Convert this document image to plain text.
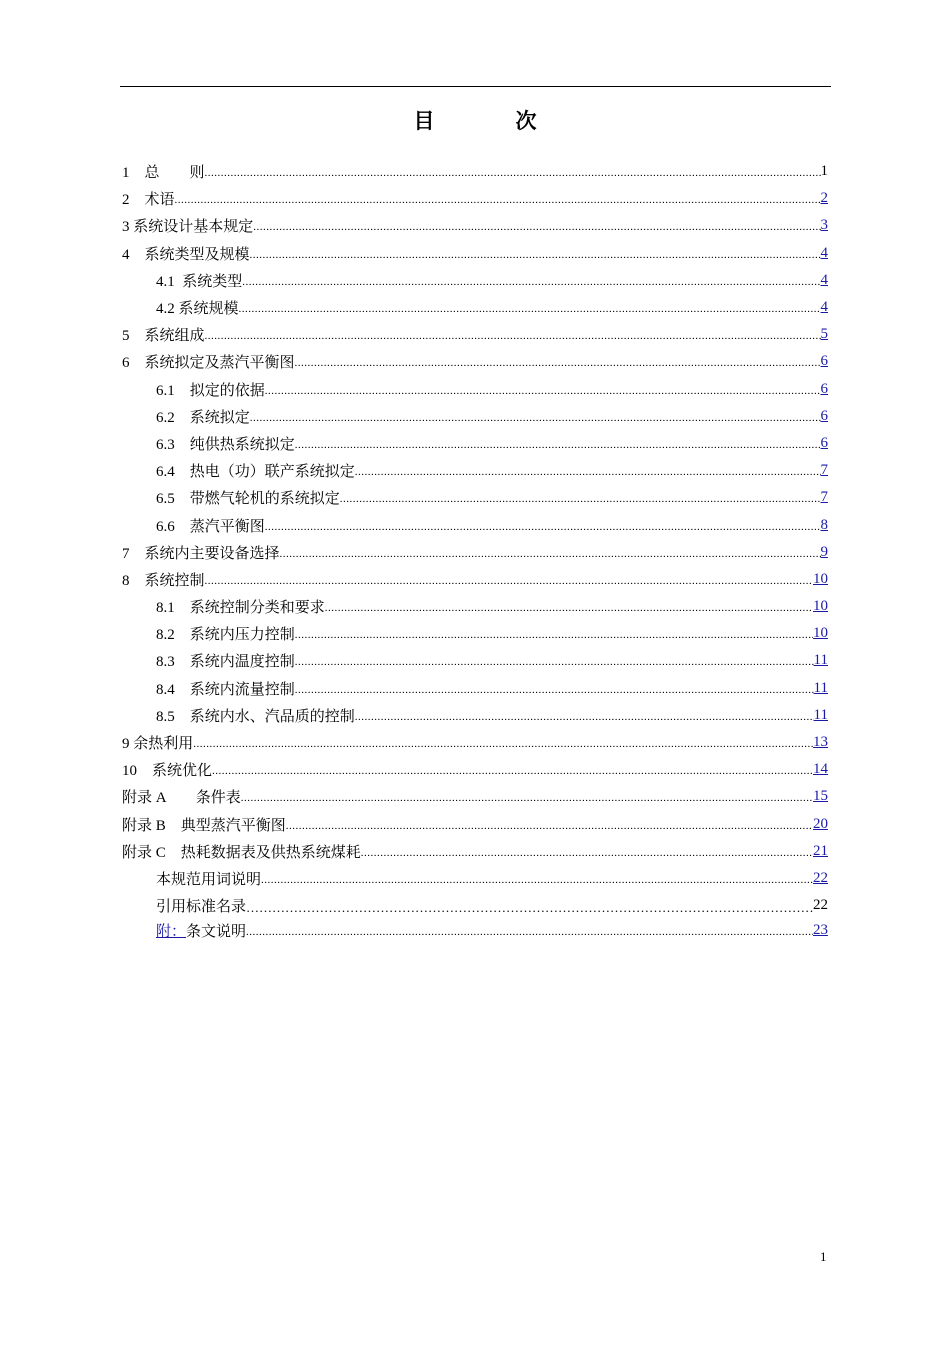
目　次
1　总　　则 .....	1
2　术语 .....	2
3 系统设计基本规定 .....	3
4　系统类型及规模 .....	4
4.1  系统类型 .....	4
4.2 系统规模 .....	4
5　系统组成 .....	5
6　系统拟定及蒸汽平衡图 .....	6
6.1　拟定的依据 .....	6
6.2　系统拟定 .....	6
6.3　纯供热系统拟定 .....	6
6.4　热电（功）联产系统拟定 .....	7
6.5　带燃气轮机的系统拟定 .....	7
6.6　蒸汽平衡图 .....	8
7　系统内主要设备选择 .....	9
8　系统控制 .....	10
8.1　系统控制分类和要求 .....	10
8.2　系统内压力控制 .....	10
8.3　系统内温度控制 .....	11
8.4　系统内流量控制 .....	11
8.5　系统内水、汽品质的控制 .....	11
9 余热利用 .....	13
10　系统优化 .....	14
附录 A　　条件表 .....	15
附录 B　典型蒸汽平衡图 .....	20
附录 C　热耗数据表及供热系统煤耗 .....	21
本规范用词说明 .....	22
引用标准名录 ……………………………………………………………………………………………………………………	22
附： 条文说明 .....	23
1
